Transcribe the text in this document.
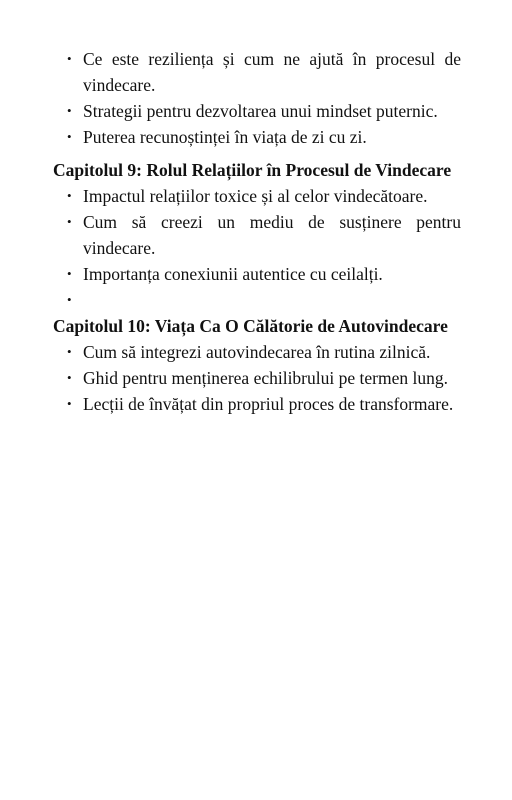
• Ce este reziliența și cum ne ajută în procesul de vindecare.
• Strategii pentru dezvoltarea unui mindset puternic.
• Puterea recunoștinței în viața de zi cu zi.
Capitolul 9: Rolul Relațiilor în Procesul de Vindecare
• Impactul relațiilor toxice și al celor vindecătoare.
• Cum să creezi un mediu de susținere pentru vindecare.
• Importanța conexiunii autentice cu ceilalți.
•
Capitolul 10: Viața Ca O Călătorie de Autovindecare
• Cum să integrezi autovindecarea în rutina zilnică.
• Ghid pentru menținerea echilibrului pe termen lung.
• Lecții de învățat din propriul proces de transformare.
